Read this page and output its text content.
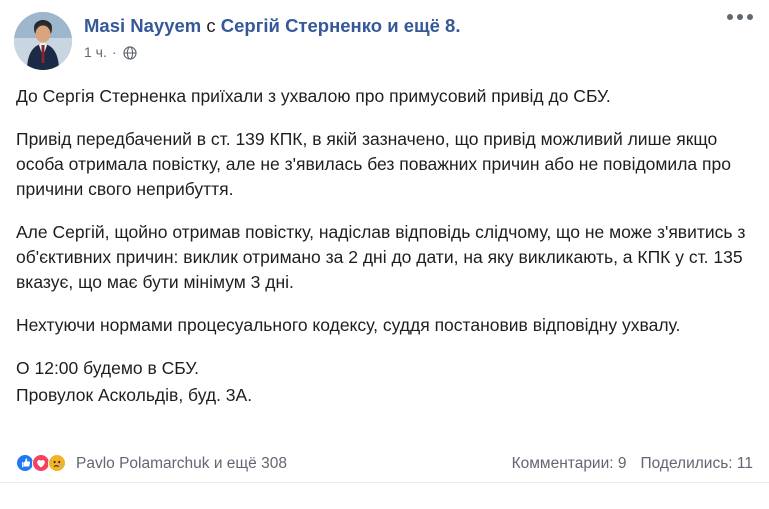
Masi Nayyem с Сергій Стерненко и ещё 8.
1 ч. ·

До Сергія Стерненка приїхали з ухвалою про примусовий привід до СБУ.

Привід передбачений в ст. 139 КПК, в якій зазначено, що привід можливий лише якщо особа отримала повістку, але не з'явилась без поважних причин або не повідомила про причини свого неприбуття.

Але Сергій, щойно отримав повістку, надіслав відповідь слідчому, що не може з'явитись з об'єктивних причин: виклик отримано за 2 дні до дати, на яку викликають, а КПК у ст. 135 вказує, що має бути мінімум 3 дні.

Нехтуючи нормами процесуального кодексу, суддя постановив відповідну ухвалу.

О 12:00 будемо в СБУ.

Провулок Аскольдів, буд. 3А.

Pavlo Polamarchuk и ещё 308	Комментарии: 9 Поделились: 11
